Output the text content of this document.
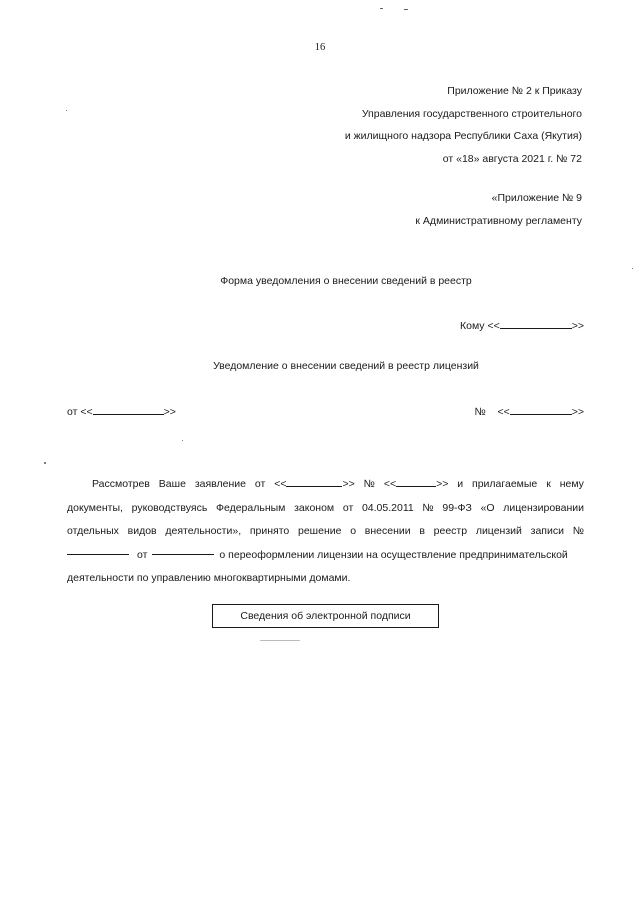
16
Приложение № 2 к Приказу
Управления государственного строительного
и жилищного надзора Республики Саха (Якутия)
от «18» августа 2021 г. № 72
«Приложение № 9
к Административному регламенту
Форма уведомления о внесении сведений в реестр
Кому <<	>>
Уведомление о внесении сведений в реестр лицензий
от <<	>>	№    <<	>>
Рассмотрев Ваше заявление от <<	>> № <<	>> и прилагаемые к нему
документы, руководствуясь Федеральным законом от 04.05.2011 № 99-ФЗ «О лицензировании
отдельных видов деятельности», принято решение о внесении в реестр лицензий записи №
от	о переоформлении лицензии на осуществление предпринимательской
деятельности по управлению многоквартирными домами.
Сведения об электронной подписи
